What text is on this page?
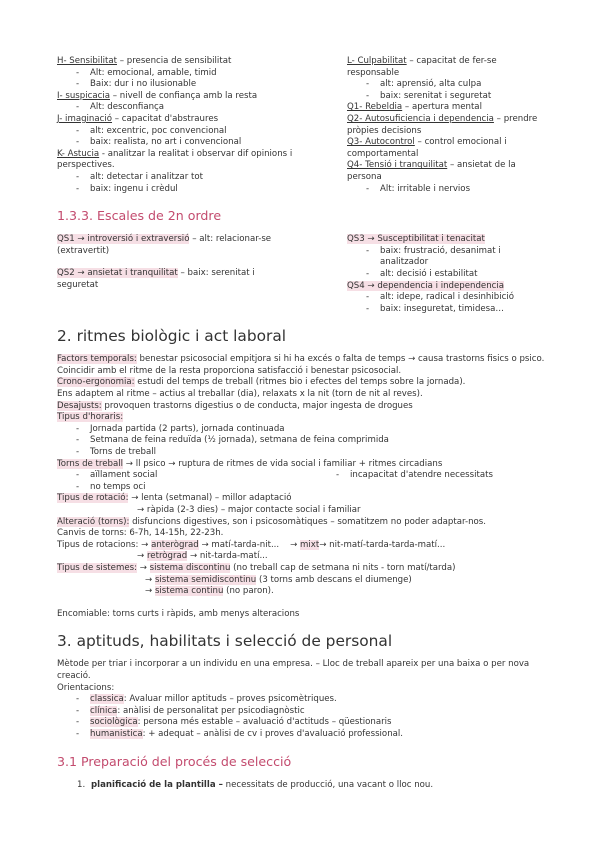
H- Sensibilitat – presencia de sensibilitat
- Alt: emocional, amable, timid
- Baix: dur i no ilusionable
I- suspicacia – nivell de confiança amb la resta
- Alt: desconfiança
J- imaginació – capacitat d'abstraures
- alt: excentric, poc convencional
- baix: realista, no art i convencional
K- Astucia - analitzar la realitat i observar dif opinions i perspectives.
- alt: detectar i analitzar tot
- baix: ingenu i crèdul
L- Culpabilitat – capacitat de fer-se responsable
- alt: aprensió, alta culpa
- baix: serenitat i seguretat
Q1- Rebeldia – apertura mental
Q2- Autosuficiencia i dependencia – prendre pròpies decisions
Q3- Autocontrol – control emocional i comportamental
Q4- Tensió i tranquilitat – ansietat de la persona
- Alt: irritable i nervios
1.3.3. Escales de 2n ordre
QS1 → introversió i extraversió – alt: relacionar-se (extravertit)
QS2 → ansietat i tranquilitat – baix: serenitat i seguretat
QS3 → Susceptibilitat i tenacitat
- baix: frustració, desanimat i analitzador
- alt: decisió i estabilitat
QS4 → dependencia i independencia
- alt: idepe, radical i desinhibició
- baix: inseguretat, timidesa…
2. ritmes biològic i act laboral
Factors temporals: benestar psicosocial empitjora si hi ha excés o falta de temps → causa trastorns fisics o psico.
Coincidir amb el ritme de la resta proporciona satisfacció i benestar psicosocial.
Crono-ergonomia: estudi del temps de treball (ritmes bio i efectes del temps sobre la jornada).
Ens adaptem al ritme – actius al treballar (dia), relaxats x la nit (torn de nit al reves).
Desajusts: provoquen trastorns digestius o de conducta, major ingesta de drogues
Tipus d'horaris:
- Jornada partida (2 parts), jornada continuada
- Setmana de feina reduïda (½ jornada), setmana de feina comprimida
- Torns de treball
Torns de treball → ll psico → ruptura de ritmes de vida social i familiar + ritmes circadians
- aïllament social
- no temps oci
- incapacitat d'atendre necessitats
Tipus de rotació: → lenta (setmanal) – millor adaptació
→ ràpida (2-3 dies) – major contacte social i familiar
Alteració (torns): disfuncions digestives, son i psicosomàtiques – somatitzem no poder adaptar-nos.
Canvis de torns: 6-7h, 14-15h, 22-23h.
Tipus de rotacions: → anterògrad → matí-tarda-nit...    → mixt→ nit-matí-tarda-tarda-matí...
→ retrògrad → nit-tarda-matí...
Tipus de sistemes: → sistema discontinu (no treball cap de setmana ni nits - torn matí/tarda)
→ sistema semidiscontinu (3 torns amb descans el diumenge)
→ sistema continu (no paron).
Encomiable: torns curts i ràpids, amb menys alteracions
3. aptituds, habilitats i selecció de personal
Mètode per triar i incorporar a un individu en una empresa. – Lloc de treball apareix per una baixa o per nova creació.
Orientacions:
- classica: Avaluar millor aptituds – proves psicomètriques.
- clínica: anàlisi de personalitat per psicodiagnòstic
- sociològica: persona més estable – avaluació d'actituds – qüestionaris
- humanistica: + adequat – anàlisi de cv i proves d'avaluació professional.
3.1 Preparació del procés de selecció
1. planificació de la plantilla – necessitats de producció, una vacant o lloc nou.
